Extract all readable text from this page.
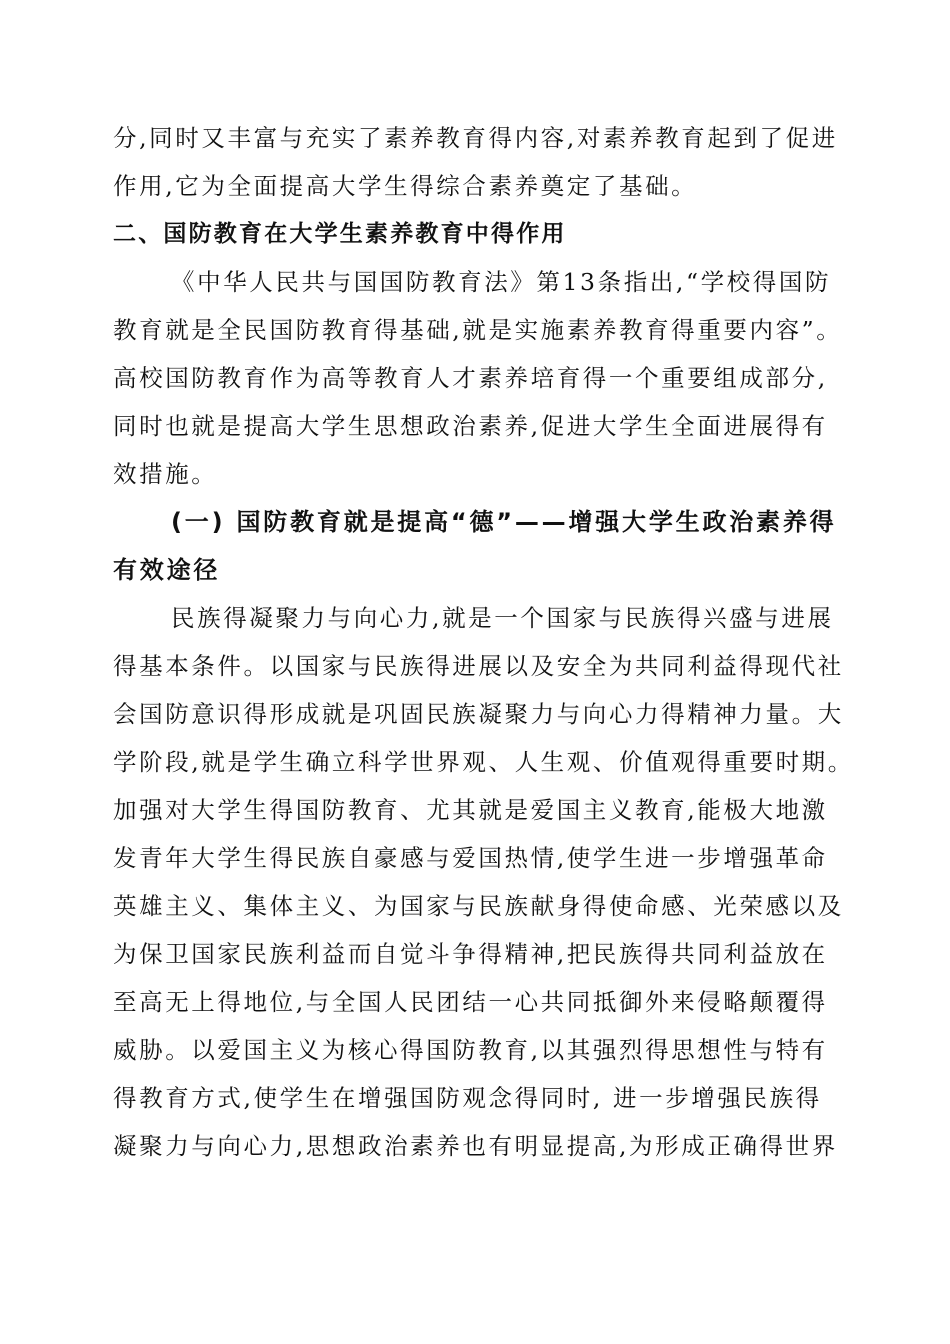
分,同时又丰富与充实了素养教育得内容,对素养教育起到了促进
作用,它为全面提高大学生得综合素养奠定了基础。
二、国防教育在大学生素养教育中得作用
《中华人民共与国国防教育法》第13条指出,“学校得国防
教育就是全民国防教育得基础,就是实施素养教育得重要内容”。
高校国防教育作为高等教育人才素养培育得一个重要组成部分,
同时也就是提高大学生思想政治素养,促进大学生全面进展得有
效措施。
(一) 国防教育就是提高“德”——增强大学生政治素养得
有效途径
民族得凝聚力与向心力,就是一个国家与民族得兴盛与进展
得基本条件。以国家与民族得进展以及安全为共同利益得现代社
会国防意识得形成就是巩固民族凝聚力与向心力得精神力量。大
学阶段,就是学生确立科学世界观、人生观、价值观得重要时期。
加强对大学生得国防教育、尤其就是爱国主义教育,能极大地激
发青年大学生得民族自豪感与爱国热情,使学生进一步增强革命
英雄主义、集体主义、为国家与民族献身得使命感、光荣感以及
为保卫国家民族利益而自觉斗争得精神,把民族得共同利益放在
至高无上得地位,与全国人民团结一心共同抵御外来侵略颠覆得
威胁。以爱国主义为核心得国防教育,以其强烈得思想性与特有
得教育方式,使学生在增强国防观念得同时, 进一步增强民族得
凝聚力与向心力,思想政治素养也有明显提高,为形成正确得世界
